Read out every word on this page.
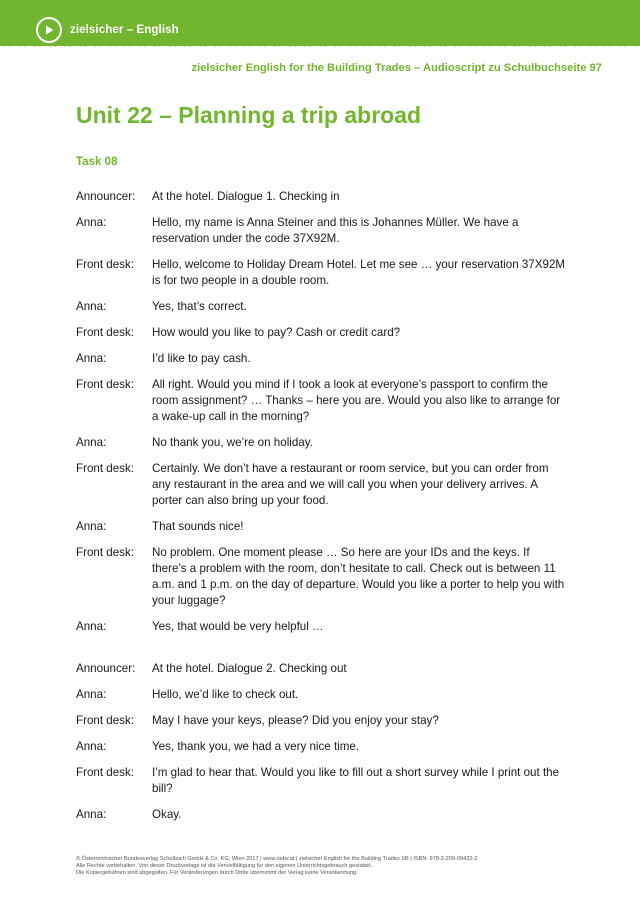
zielsicher – English
zielsicher English for the Building Trades – Audioscript zu Schulbuchseite 97
Unit 22 – Planning a trip abroad
Task 08
Announcer:	At the hotel. Dialogue 1. Checking in
Anna:	Hello, my name is Anna Steiner and this is Johannes Müller. We have a reservation under the code 37X92M.
Front desk:	Hello, welcome to Holiday Dream Hotel. Let me see … your reservation 37X92M is for two people in a double room.
Anna:	Yes, that’s correct.
Front desk:	How would you like to pay? Cash or credit card?
Anna:	I’d like to pay cash.
Front desk:	All right. Would you mind if I took a look at everyone’s passport to confirm the room assignment? … Thanks – here you are. Would you also like to arrange for a wake-up call in the morning?
Anna:	No thank you, we’re on holiday.
Front desk:	Certainly. We don’t have a restaurant or room service, but you can order from any restaurant in the area and we will call you when your delivery arrives. A porter can also bring up your food.
Anna:	That sounds nice!
Front desk:	No problem. One moment please … So here are your IDs and the keys. If there’s a problem with the room, don’t hesitate to call. Check out is between 11 a.m. and 1 p.m. on the day of departure. Would you like a porter to help you with your luggage?
Anna:	Yes, that would be very helpful …
Announcer:	At the hotel. Dialogue 2. Checking out
Anna:	Hello, we’d like to check out.
Front desk:	May I have your keys, please? Did you enjoy your stay?
Anna:	Yes, thank you, we had a very nice time.
Front desk:	I’m glad to hear that. Would you like to fill out a short survey while I print out the bill?
Anna:	Okay.
© Österreichischer Bundesverlag Schulbuch GmbH & Co. KG, Wien 2017 | www.oebv.at | zielsicher English for the Building Trades SB | ISBN: 978-3-209-09432-2
Alle Rechte vorbehalten. Von dieser Druckvorlage ist die Vervielfältigung für den eigenen Unterrichtsgebrauch gestattet.
Die Kopiergebühren sind abgegolten. Für Veränderungen durch Dritte übernimmt der Verlag keine Verantwortung.
